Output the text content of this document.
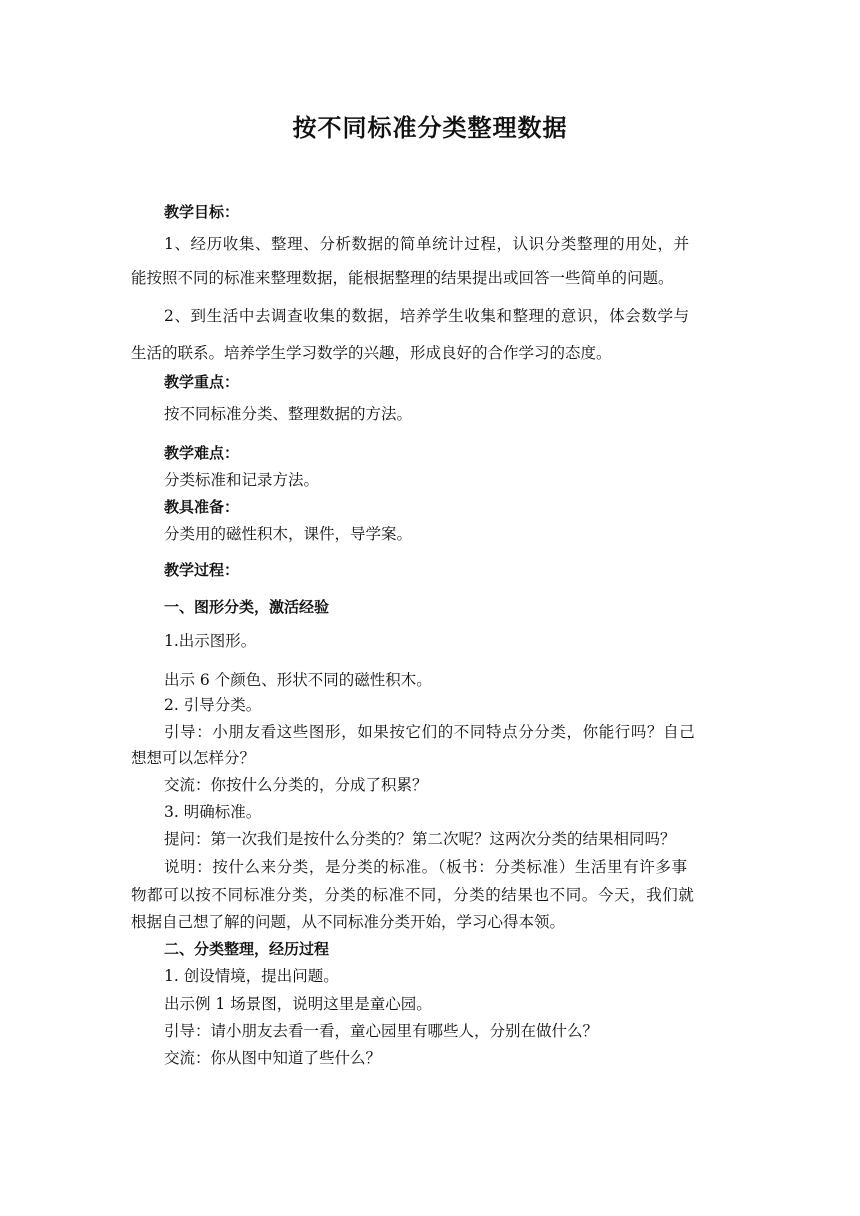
按不同标准分类整理数据
教学目标：
1、经历收集、整理、分析数据的简单统计过程，认识分类整理的用处，并
能按照不同的标准来整理数据，能根据整理的结果提出或回答一些简单的问题。
2、到生活中去调查收集的数据，培养学生收集和整理的意识，体会数学与
生活的联系。培养学生学习数学的兴趣，形成良好的合作学习的态度。
教学重点：
按不同标准分类、整理数据的方法。
教学难点：
分类标准和记录方法。
教具准备：
分类用的磁性积木，课件，导学案。
教学过程：
一、图形分类，激活经验
1.出示图形。
出示 6 个颜色、形状不同的磁性积木。
2. 引导分类。
引导：小朋友看这些图形，如果按它们的不同特点分分类，你能行吗？自己
想想可以怎样分？
交流：你按什么分类的，分成了积累？
3. 明确标准。
提问：第一次我们是按什么分类的？第二次呢？这两次分类的结果相同吗？
说明：按什么来分类，是分类的标准。（板书：分类标准）生活里有许多事
物都可以按不同标准分类，分类的标准不同，分类的结果也不同。今天，我们就
根据自己想了解的问题，从不同标准分类开始，学习心得本领。
二、分类整理，经历过程
1. 创设情境，提出问题。
出示例 1 场景图，说明这里是童心园。
引导：请小朋友去看一看，童心园里有哪些人，分别在做什么？
交流：你从图中知道了些什么？
